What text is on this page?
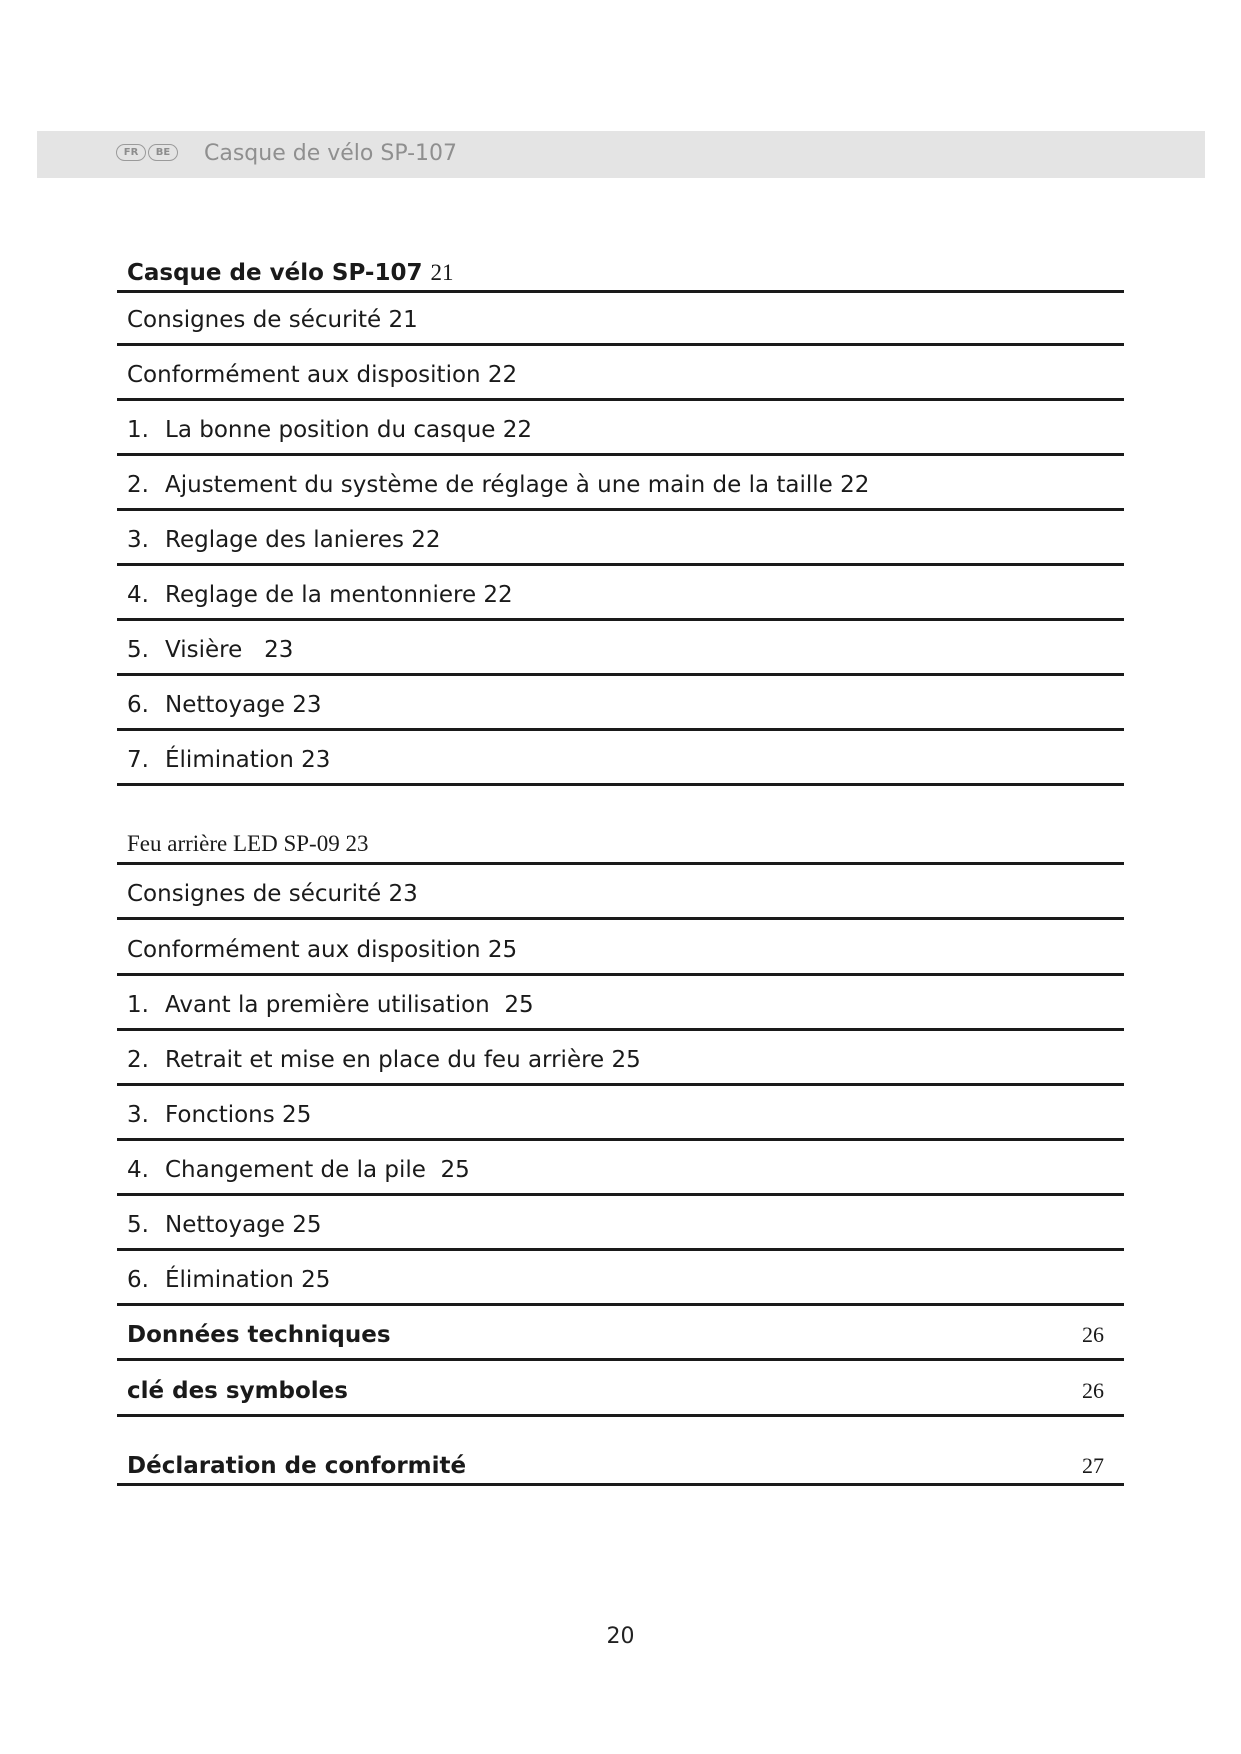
FR	BE	Casque de vélo SP-107
Casque de vélo SP-107 21
Consignes de sécurité 21
Conformément aux disposition 22
1. La bonne position du casque 22
2. Ajustement du système de réglage à une main de la taille 22
3. Reglage des lanieres 22
4. Reglage de la mentonniere 22
5. Visière   23
6. Nettoyage 23
7. Élimination 23
Feu arrière LED SP-09 23
Consignes de sécurité 23
Conformément aux disposition 25
1. Avant la première utilisation  25
2. Retrait et mise en place du feu arrière 25
3. Fonctions 25
4. Changement de la pile  25
5. Nettoyage 25
6. Élimination 25
Données techniques	26
clé des symboles	26
Déclaration de conformité	27
20
